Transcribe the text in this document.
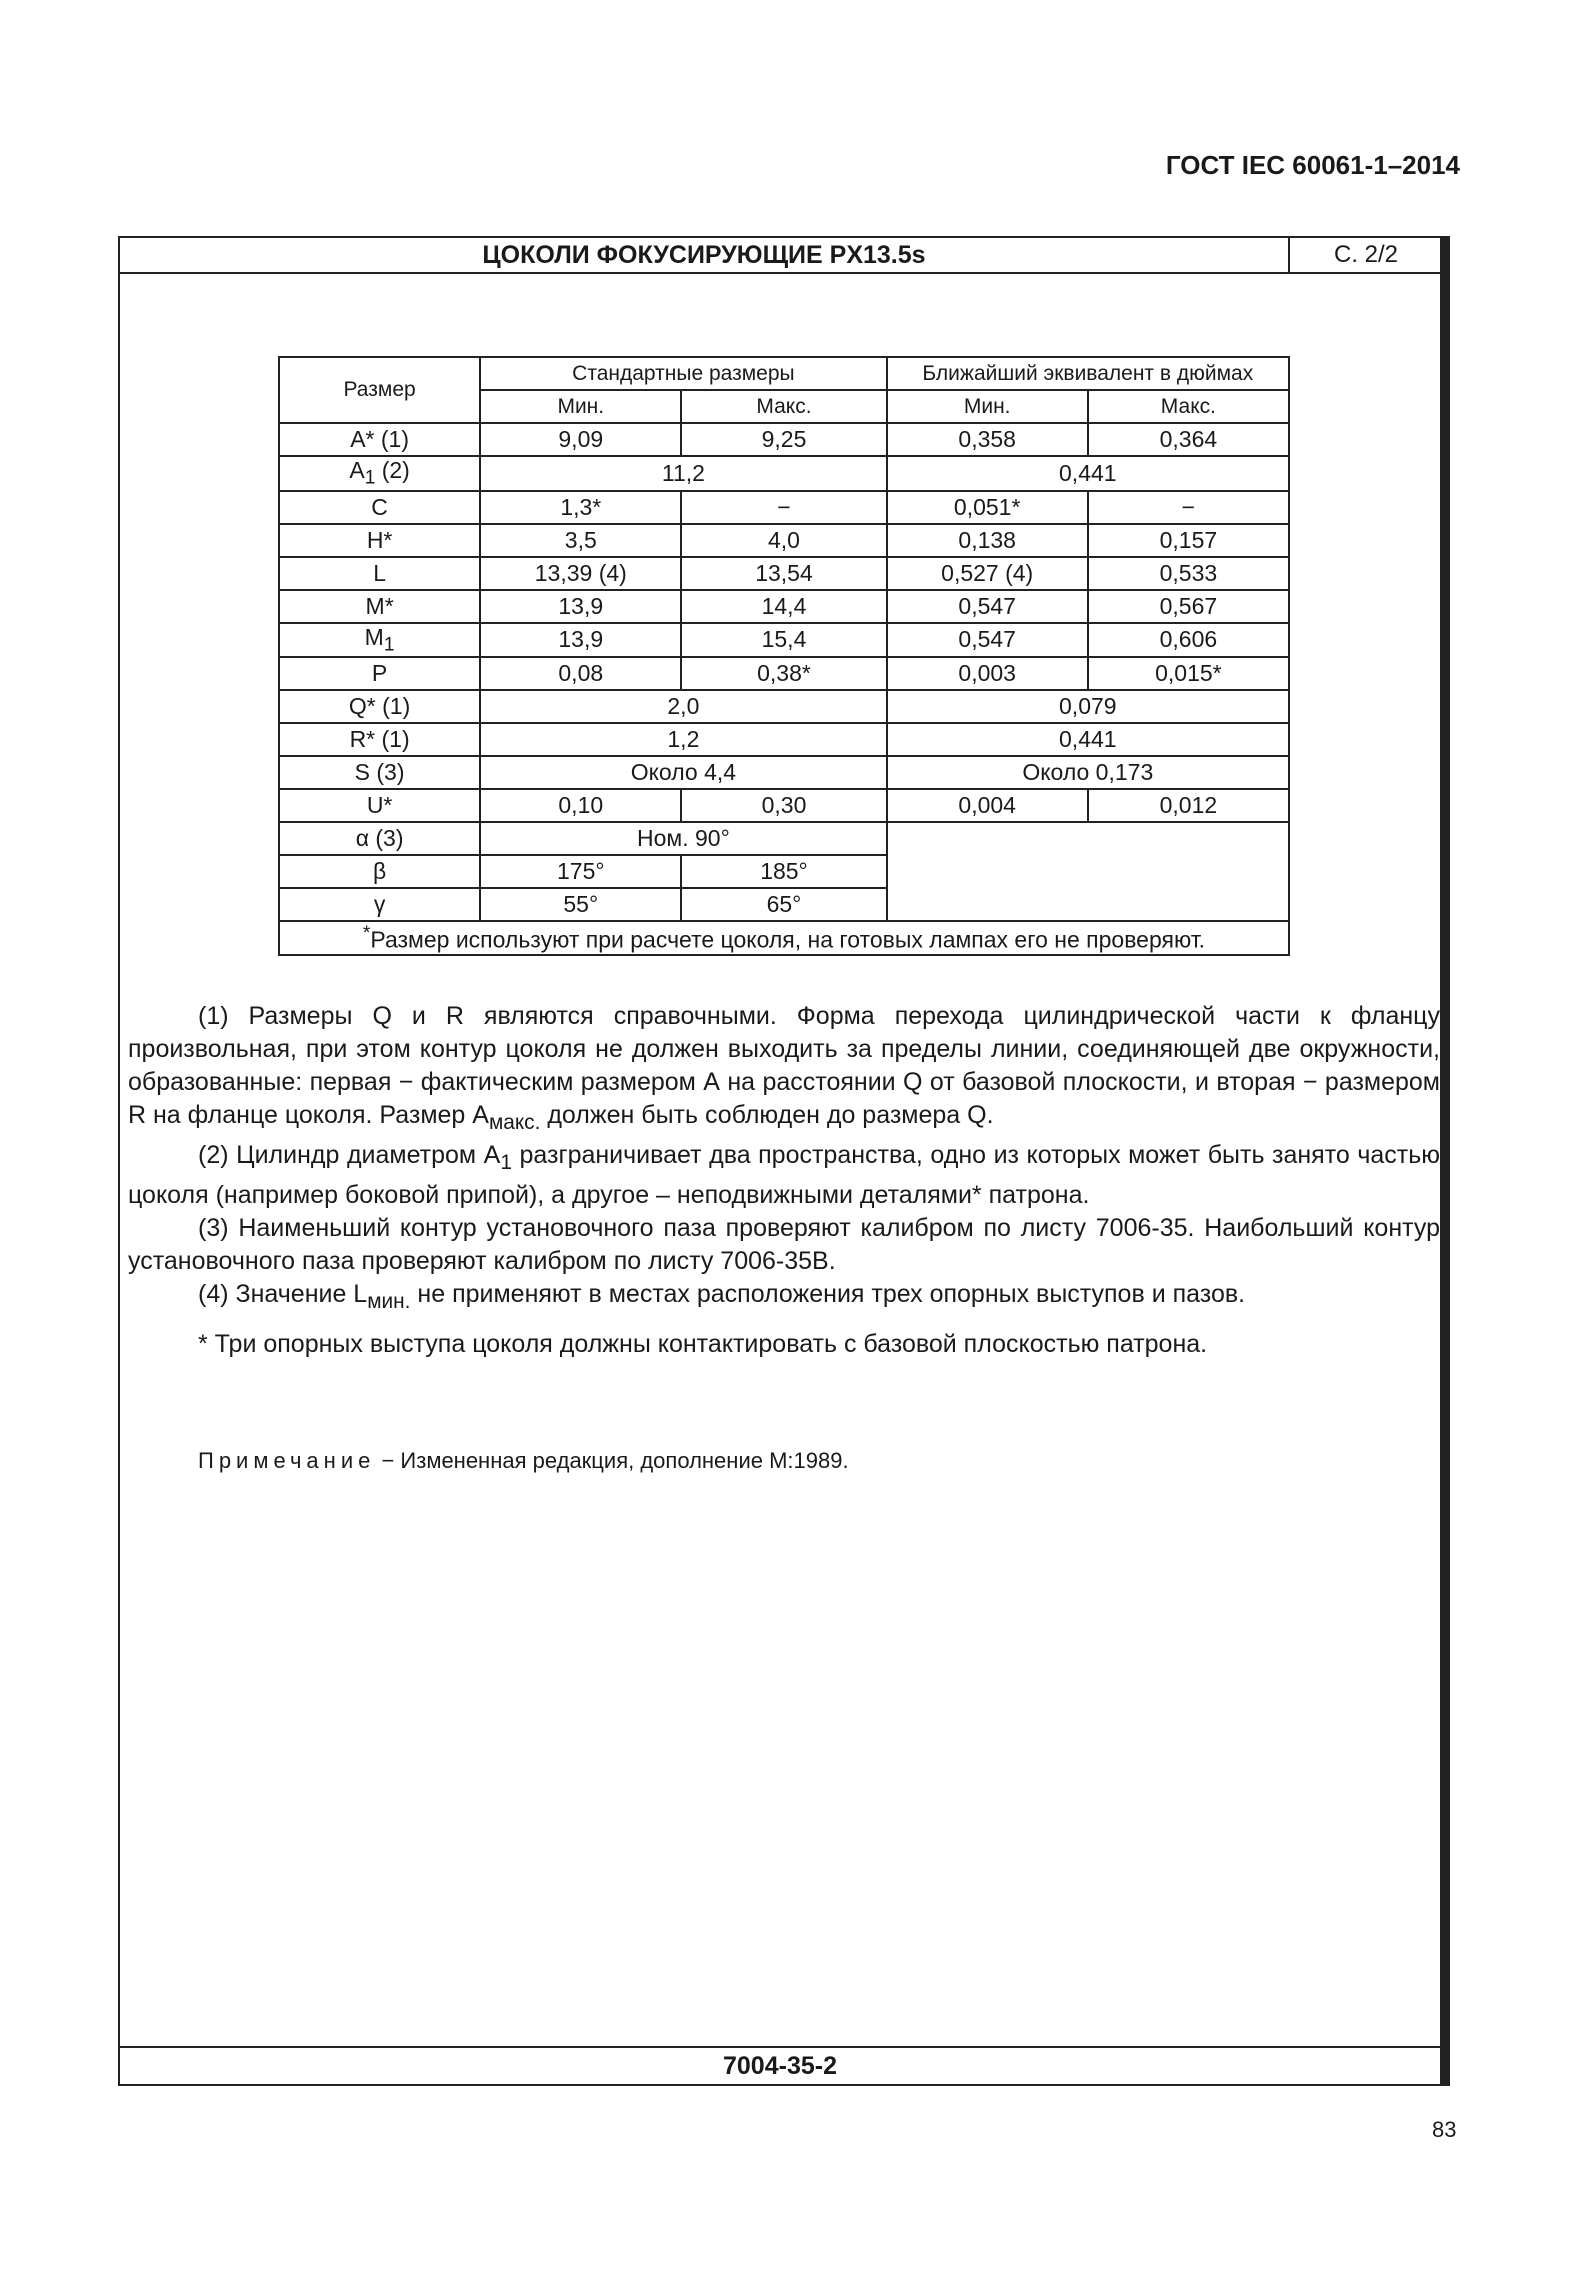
ГОСТ IEC 60061-1–2014
ЦОКОЛИ ФОКУСИРУЮЩИЕ PX13.5s	С. 2/2
Размер	Стандартные размеры		Ближайший эквивалент в дюймах	
	Мин.	Макс.	Мин.	Макс.
A* (1)	9,09	9,25	0,358	0,364
$A_1$ (2)	11,2		0,441	
C	1,3*	−	0,051*	−
H*	3,5	4,0	0,138	0,157
L	13,39 (4)	13,54	0,527 (4)	0,533
M*	13,9	14,4	0,547	0,567
$M_1$	13,9	15,4	0,547	0,606
P	0,08	0,38*	0,003	0,015*
Q* (1)	2,0		0,079	
R* (1)	1,2		0,441	
S (3)	Около 4,4		Около 0,173	
U*	0,10	0,30	0,004	0,012
α (3)	Ном. 90°			
β	175°	185°		
γ	55°	65°		
*Размер используют при расчете цоколя, на готовых лампах его не проверяют.				
7004-35-2

(1) Размеры Q и R являются справочными. Форма перехода цилиндрической части к фланцу произвольная, при этом контур цоколя не должен выходить за пределы линии, соединяющей две окружности, образованные: первая − фактическим размером А на расстоянии Q от базовой плоскости, и вторая − размером R на фланце цоколя. Размер $A_{макс.}$ должен быть соблюден до размера Q.

(2) Цилиндр диаметром $A_1$ разграничивает два пространства, одно из которых может быть занято частью цоколя (например боковой припой), а другое – неподвижными деталями* патрона.

(3) Наименьший контур установочного паза проверяют калибром по листу 7006-35. Наибольший контур установочного паза проверяют калибром по листу 7006-35B.

(4) Значение $L_{мин.}$ не применяют в местах расположения трех опорных выступов и пазов.

* Три опорных выступа цоколя должны контактировать с базовой плоскостью патрона.
Примечание − Измененная редакция, дополнение М:1989.
83
